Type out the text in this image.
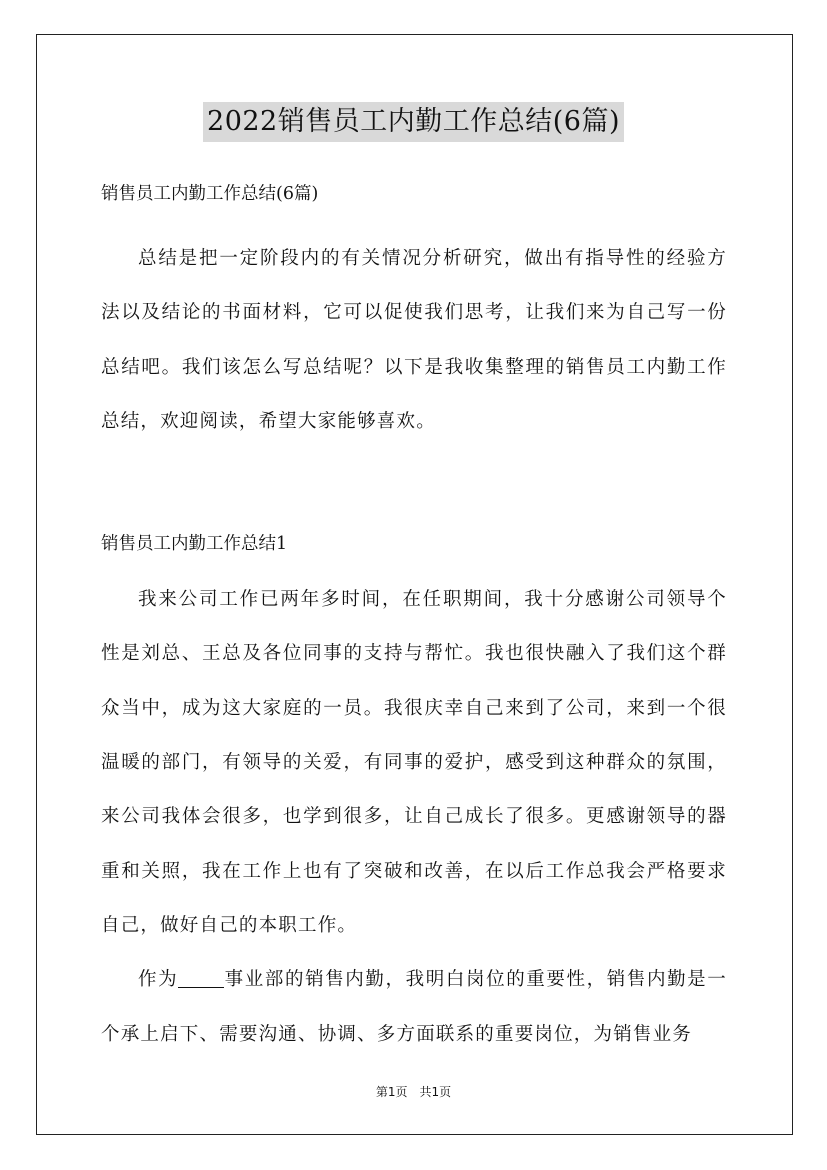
2022销售员工内勤工作总结(6篇)

销售员工内勤工作总结(6篇)

总结是把一定阶段内的有关情况分析研究，做出有指导性的经验方法以及结论的书面材料，它可以促使我们思考，让我们来为自己写一份总结吧。我们该怎么写总结呢？以下是我收集整理的销售员工内勤工作总结，欢迎阅读，希望大家能够喜欢。

销售员工内勤工作总结1

我来公司工作已两年多时间，在任职期间，我十分感谢公司领导个性是刘总、王总及各位同事的支持与帮忙。我也很快融入了我们这个群众当中，成为这大家庭的一员。我很庆幸自己来到了公司，来到一个很温暖的部门，有领导的关爱，有同事的爱护，感受到这种群众的氛围，来公司我体会很多，也学到很多，让自己成长了很多。更感谢领导的器重和关照，我在工作上也有了突破和改善，在以后工作总我会严格要求自己，做好自己的本职工作。

作为 事业部的销售内勤，我明白岗位的重要性，销售内勤是一个承上启下、需要沟通、协调、多方面联系的重要岗位，为销售业务

第1页 共1页
